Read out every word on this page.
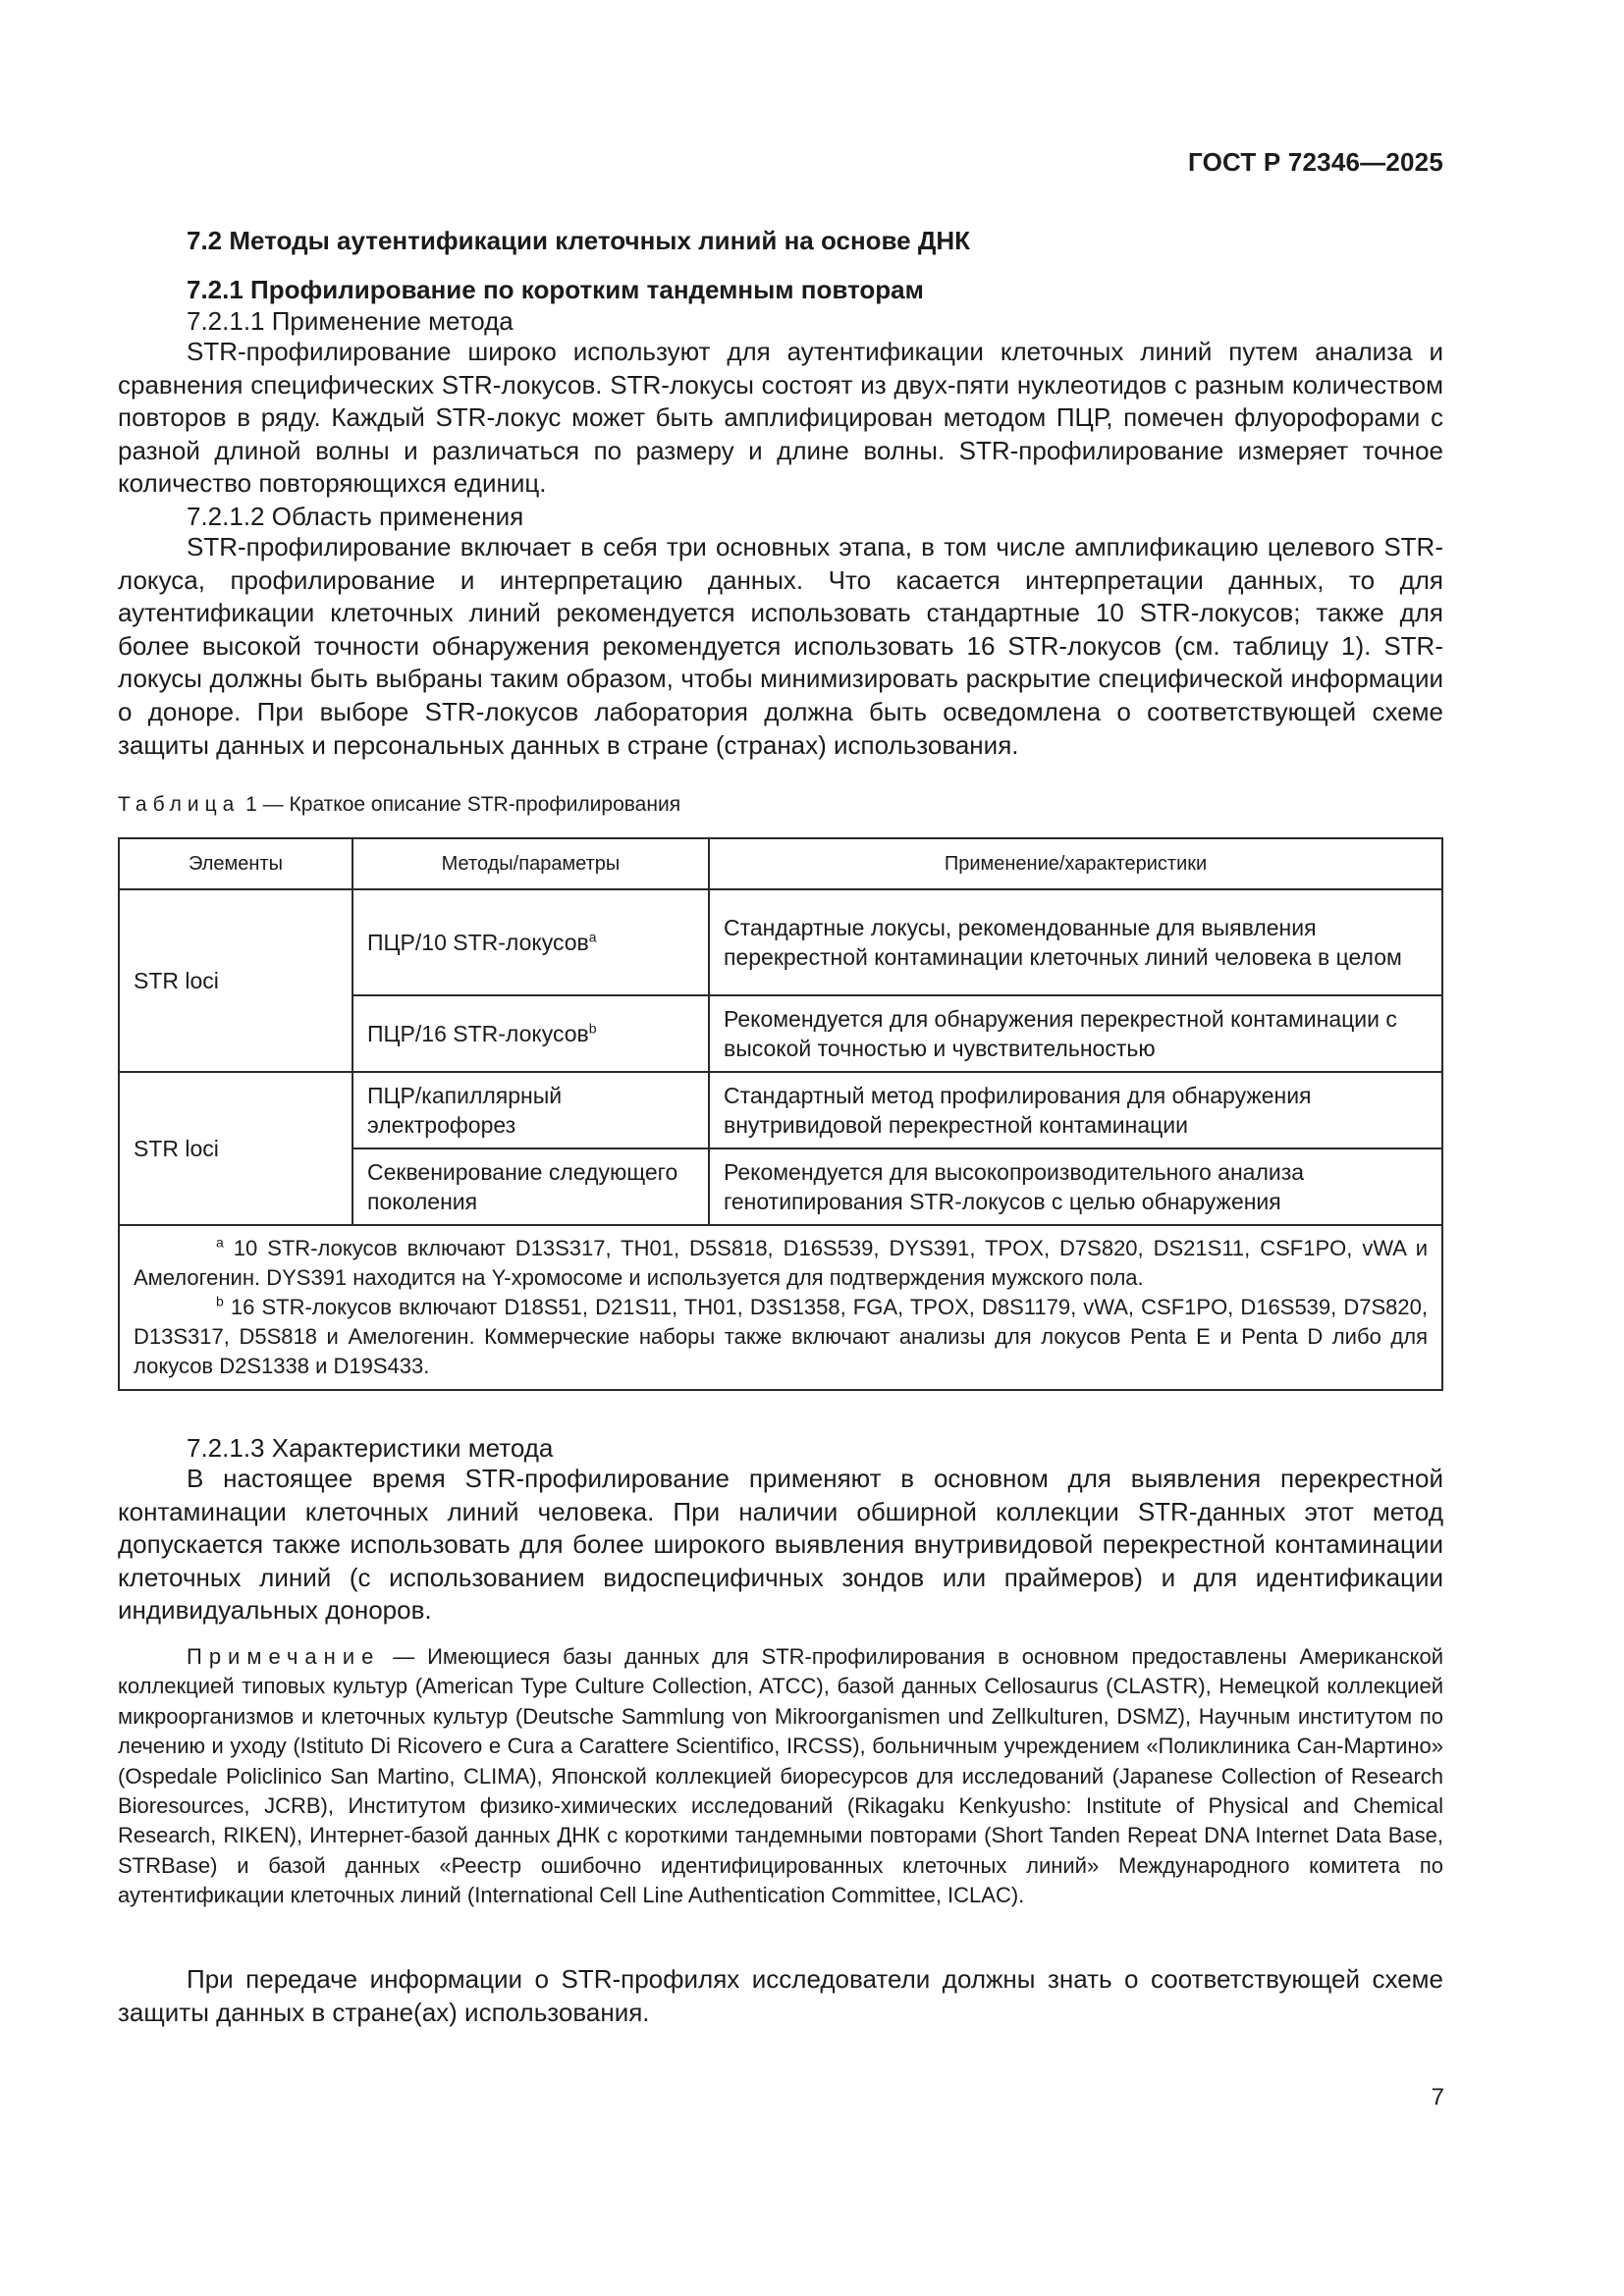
ГОСТ Р 72346—2025
7.2 Методы аутентификации клеточных линий на основе ДНК
7.2.1 Профилирование по коротким тандемным повторам
7.2.1.1 Применение метода
STR-профилирование широко используют для аутентификации клеточных линий путем анализа и сравнения специфических STR-локусов. STR-локусы состоят из двух-пяти нуклеотидов с разным количеством повторов в ряду. Каждый STR-локус может быть амплифицирован методом ПЦР, помечен флуорофорами с разной длиной волны и различаться по размеру и длине волны. STR-профилирование измеряет точное количество повторяющихся единиц.
7.2.1.2 Область применения
STR-профилирование включает в себя три основных этапа, в том числе амплификацию целевого STR-локуса, профилирование и интерпретацию данных. Что касается интерпретации данных, то для аутентификации клеточных линий рекомендуется использовать стандартные 10 STR-локусов; также для более высокой точности обнаружения рекомендуется использовать 16 STR-локусов (см. таблицу 1). STR-локусы должны быть выбраны таким образом, чтобы минимизировать раскрытие специфической информации о доноре. При выборе STR-локусов лаборатория должна быть осведомлена о соответствующей схеме защиты данных и персональных данных в стране (странах) использования.
Таблица 1 — Краткое описание STR-профилирования
Элементы	Методы/параметры	Применение/характеристики
STR loci	ПЦР/10 STR-локусов$^a$	Стандартные локусы, рекомендованные для выявления перекрестной контаминации клеточных линий человека в целом
	ПЦР/16 STR-локусов$^b$	Рекомендуется для обнаружения перекрестной контаминации с высокой точностью и чувствительностью
STR loci	ПЦР/капиллярный электрофорез	Стандартный метод профилирования для обнаружения внутривидовой перекрестной контаминации
	Секвенирование следующего поколения	Рекомендуется для высокопроизводительного анализа генотипирования STR-локусов с целью обнаружения

$^a$ 10 STR-локусов включают D13S317, TH01, D5S818, D16S539, DYS391, TPOX, D7S820, DS21S11, CSF1PO, vWA и Амелогенин. DYS391 находится на Y-хромосоме и используется для подтверждения мужского пола.
$^b$ 16 STR-локусов включают D18S51, D21S11, TH01, D3S1358, FGA, TPOX, D8S1179, vWA, CSF1PO, D16S539, D7S820, D13S317, D5S818 и Амелогенин. Коммерческие наборы также включают анализы для локусов Penta E и Penta D либо для локусов D2S1338 и D19S433.		
7.2.1.3 Характеристики метода
В настоящее время STR-профилирование применяют в основном для выявления перекрестной контаминации клеточных линий человека. При наличии обширной коллекции STR-данных этот метод допускается также использовать для более широкого выявления внутривидовой перекрестной контаминации клеточных линий (с использованием видоспецифичных зондов или праймеров) и для идентификации индивидуальных доноров.
Примечание — Имеющиеся базы данных для STR-профилирования в основном предоставлены Американской коллекцией типовых культур (American Type Culture Collection, ATCC), базой данных Cellosaurus (CLASTR), Немецкой коллекцией микроорганизмов и клеточных культур (Deutsche Sammlung von Mikroorganismen und Zellkulturen, DSMZ), Научным институтом по лечению и уходу (Istituto Di Ricovero e Cura a Carattere Scientifico, IRCSS), больничным учреждением «Поликлиника Сан-Мартино» (Ospedale Policlinico San Martino, CLIMA), Японской коллекцией биоресурсов для исследований (Japanese Collection of Research Bioresources, JCRB), Институтом физико-химических исследований (Rikagaku Kenkyusho: Institute of Physical and Chemical Research, RIKEN), Интернет-базой данных ДНК с короткими тандемными повторами (Short Tanden Repeat DNA Internet Data Base, STRBase) и базой данных «Реестр ошибочно идентифицированных клеточных линий» Международного комитета по аутентификации клеточных линий (International Cell Line Authentication Committee, ICLAC).
При передаче информации о STR-профилях исследователи должны знать о соответствующей схеме защиты данных в стране(ах) использования.
7
